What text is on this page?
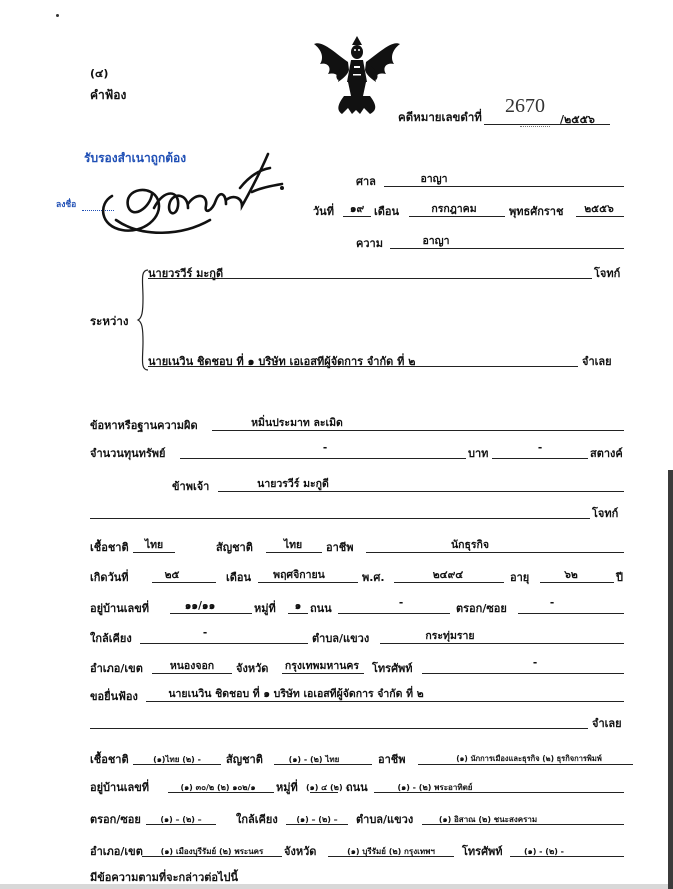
(๔)
คำฟ้อง
คดีหมายเลขดำที่ 2670
/๒๕๕๖
รับรองสำเนาถูกต้อง
ลงชื่อ
ศาล	อาญา
วันที่	๑๙ เดือน	กรกฎาคม	พุทธศักราช	๒๕๕๖
ความ	อาญา
ระหว่าง
นายวรวีร์ มะกูดี	โจทก์
นายเนวิน ชิดชอบ ที่ ๑ บริษัท เอเอสทีผู้จัดการ จำกัด ที่ ๒	จำเลย
ข้อหาหรือฐานความผิด	หมิ่นประมาท ละเมิด
จำนวนทุนทรัพย์	-	บาท	-	สตางค์
ข้าพเจ้า	นายวรวีร์ มะกูดี
โจทก์
เชื้อชาติ	ไทย	สัญชาติ	ไทย	อาชีพ	นักธุรกิจ
เกิดวันที่	๒๕	เดือน	พฤศจิกายน	พ.ศ.	๒๔๙๔	อายุ	๖๒	ปี
อยู่บ้านเลขที่	๑๑/๑๑	หมู่ที่	๑ ถนน	-	ตรอก/ซอย	-
ใกล้เคียง	-	ตำบล/แขวง	กระทุ่มราย
อำเภอ/เขต	หนองจอก	จังหวัด กรุงเทพมหานคร โทรศัพท์	-
ขอยื่นฟ้อง	นายเนวิน ชิดชอบ ที่ ๑ บริษัท เอเอสทีผู้จัดการ จำกัด ที่ ๒
จำเลย
เชื้อชาติ	(๑)ไทย (๒) -	สัญชาติ	(๑) - (๒) ไทย	อาชีพ	(๑) นักการเมืองและธุรกิจ (๒) ธุรกิจการพิมพ์
อยู่บ้านเลขที่	(๑) ๓๐/๒ (๒) ๑๐๒/๑	หมู่ที่ (๑) ๔ (๒) -
ถนน	(๑) - (๒) พระอาทิตย์
ตรอก/ซอย	(๑) – (๒) –	ใกล้เคียง	(๑) – (๒) –	ตำบล/แขวง	(๑) อิสาณ (๒) ชนะสงคราม
อำเภอ/เขต	(๑) เมืองบุรีรัมย์ (๒) พระนคร	จังหวัด	(๑) บุรีรัมย์ (๒) กรุงเทพฯ	โทรศัพท์	(๑) - (๒) -
มีข้อความตามที่จะกล่าวต่อไปนี้
